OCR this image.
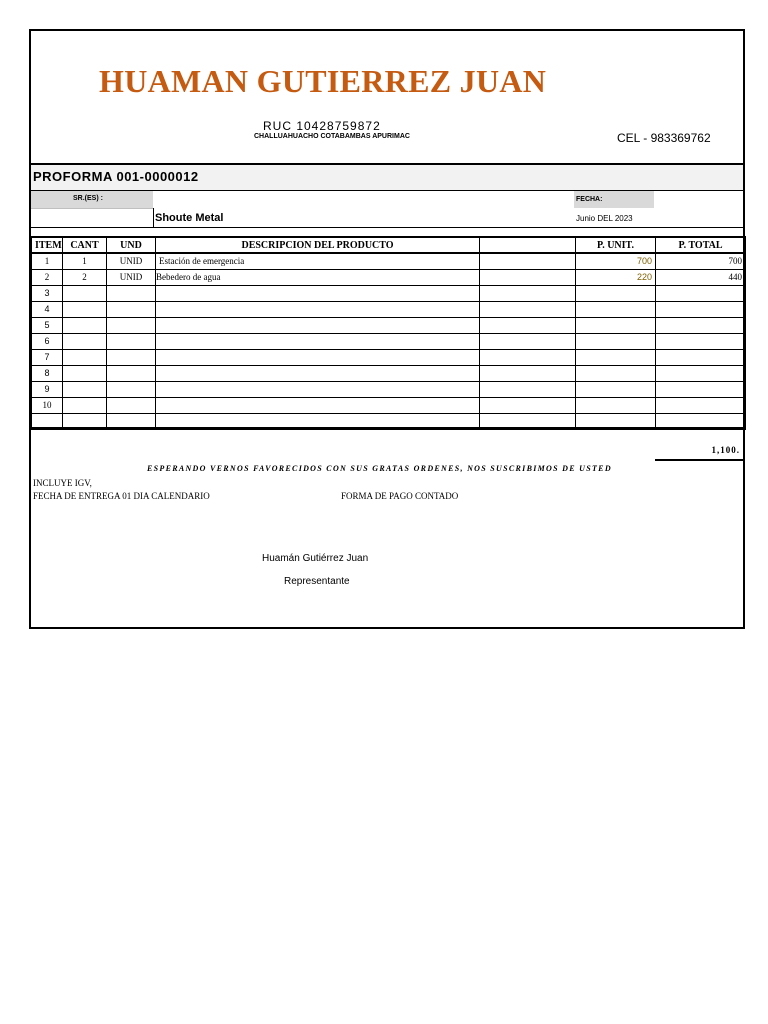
HUAMAN GUTIERREZ JUAN
RUC 10428759872
CHALLUAHUACHO COTABAMBAS APURIMAC	CEL - 983369762
PROFORMA 001-0000012
SR.(ES) :	FECHA:
Shoute Metal	Junio DEL 2023
ITEM	CANT	UND	DESCRIPCION DEL PRODUCTO		P. UNIT.	P. TOTAL
1	1	UNID	Estación de emergencia		700	700
2	2	UNID	Bebedero de agua		220	440
3						
4						
5						
6						
7						
8						
9						
10						

1,100.
ESPERANDO VERNOS FAVORECIDOS CON SUS GRATAS ORDENES, NOS SUSCRIBIMOS DE USTED
INCLUYE IGV,
FECHA DE ENTREGA 01 DIA CALENDARIO	FORMA DE PAGO CONTADO
Huamán Gutiérrez Juan
Representante
